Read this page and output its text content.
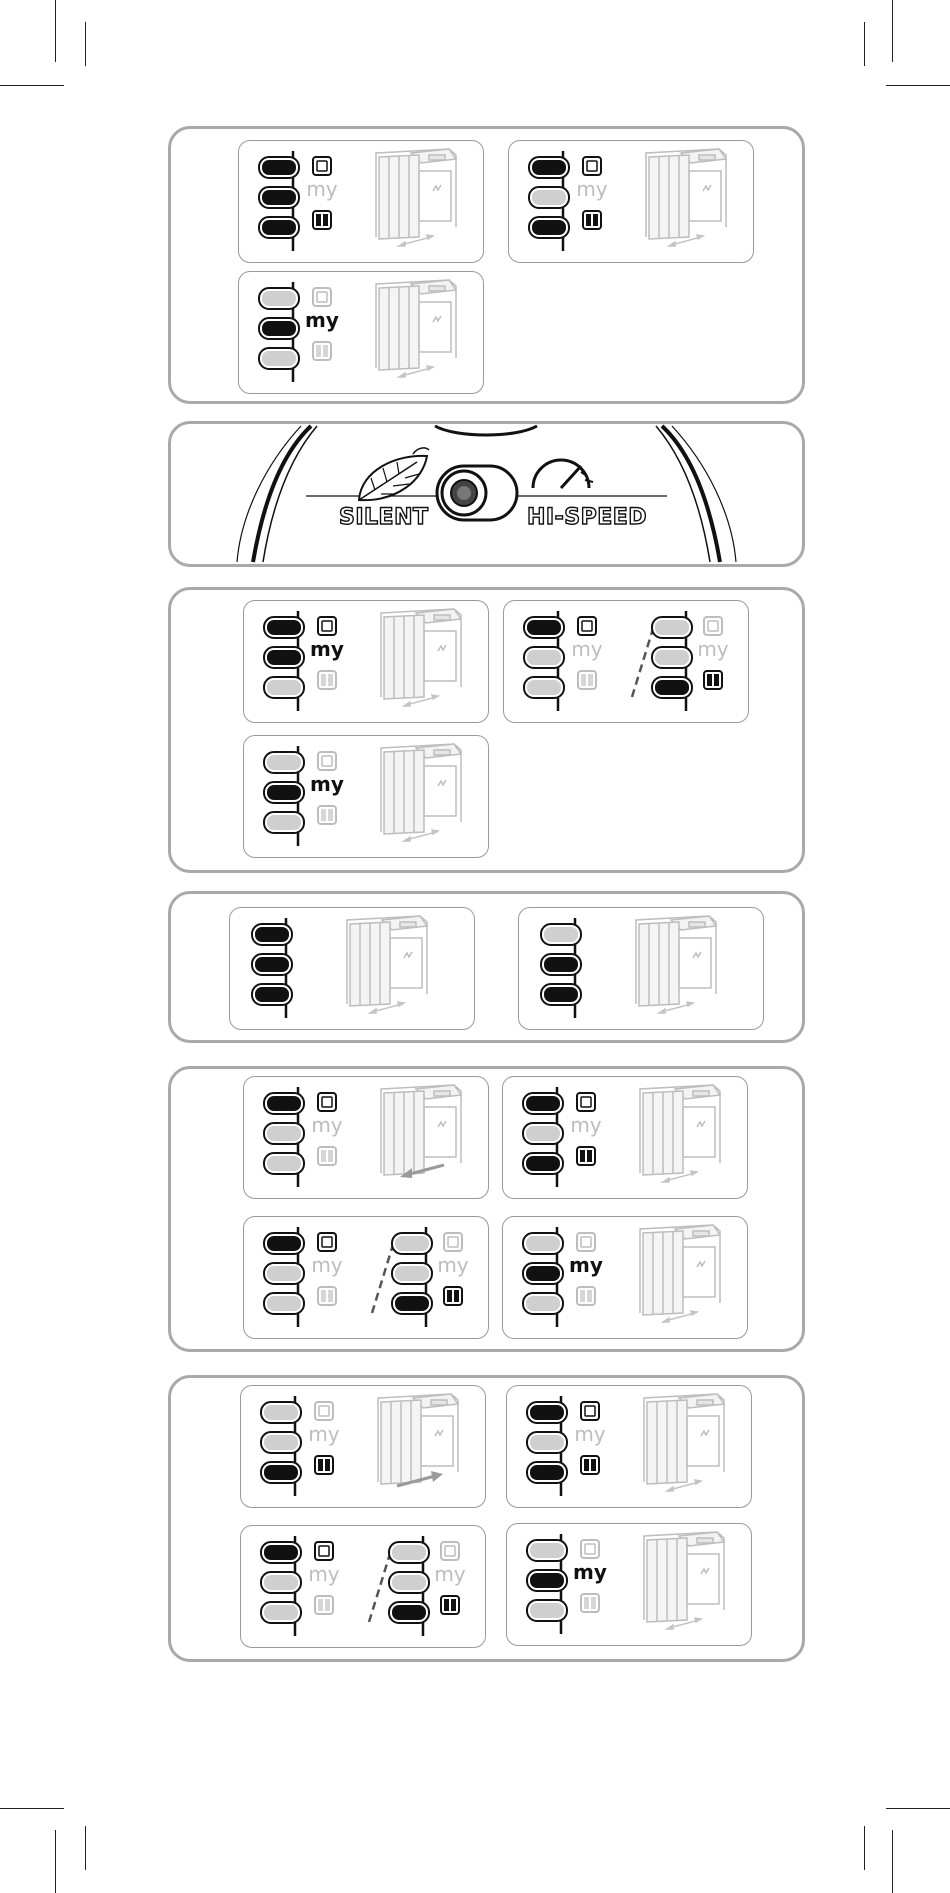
SILENT	HI-SPEED
my	my
my
my	my	my
my
my	my
my	my	my
my	my
my	my	my
